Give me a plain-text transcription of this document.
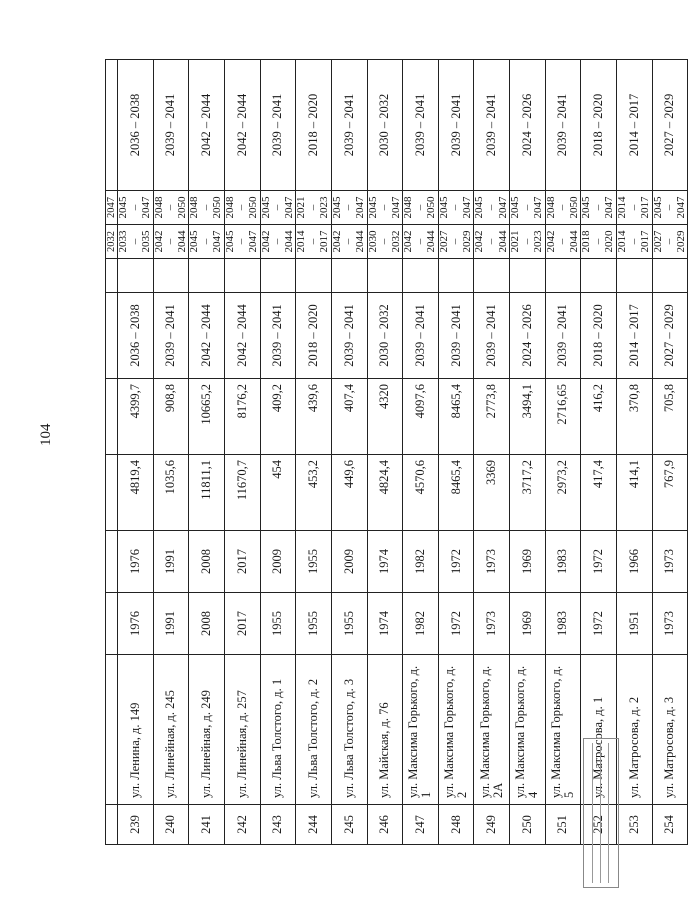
104
								2032	2047	
239	ул. Ленина, д. 149	1976	1976	4819,4	4399,7	2036 – 2038		2033 – 2035	2045 – 2047	2036 – 2038
240	ул. Линейная, д. 245	1991	1991	1035,6	908,8	2039 – 2041		2042 – 2044	2048 – 2050	2039 – 2041
241	ул. Линейная, д. 249	2008	2008	11811,1	10665,2	2042 – 2044		2045 – 2047	2048 – 2050	2042 – 2044
242	ул. Линейная, д. 257	2017	2017	11670,7	8176,2	2042 – 2044		2045 – 2047	2048 – 2050	2042 – 2044
243	ул. Льва Толстого, д. 1	1955	2009	454	409,2	2039 – 2041		2042 – 2044	2045 – 2047	2039 – 2041
244	ул. Льва Толстого, д. 2	1955	1955	453,2	439,6	2018 – 2020		2014 – 2017	2021 – 2023	2018 – 2020
245	ул. Льва Толстого, д. 3	1955	2009	449,6	407,4	2039 – 2041		2042 – 2044	2045 – 2047	2039 – 2041
246	ул. Майская, д. 76	1974	1974	4824,4	4320	2030 – 2032		2030 – 2032	2045 – 2047	2030 – 2032
247	ул. Максима Горького, д. 1	1982	1982	4570,6	4097,6	2039 – 2041		2042 – 2044	2048 – 2050	2039 – 2041
248	ул. Максима Горького, д. 2	1972	1972	8465,4	8465,4	2039 – 2041		2027 – 2029	2045 – 2047	2039 – 2041
249	ул. Максима Горького, д. 2А	1973	1973	3369	2773,8	2039 – 2041		2042 – 2044	2045 – 2047	2039 – 2041
250	ул. Максима Горького, д. 4	1969	1969	3717,2	3494,1	2024 – 2026		2021 – 2023	2045 – 2047	2024 – 2026
251	ул. Максима Горького, д. 5	1983	1983	2973,2	2716,65	2039 – 2041		2042 – 2044	2048 – 2050	2039 – 2041
252	ул. Матросова, д. 1	1972	1972	417,4	416,2	2018 – 2020		2018 – 2020	2045 – 2047	2018 – 2020
253	ул. Матросова, д. 2	1951	1966	414,1	370,8	2014 – 2017		2014 – 2017	2014 – 2017	2014 – 2017
254	ул. Матросова, д. 3	1973	1973	767,9	705,8	2027 – 2029		2027 – 2029	2045 – 2047	2027 – 2029
